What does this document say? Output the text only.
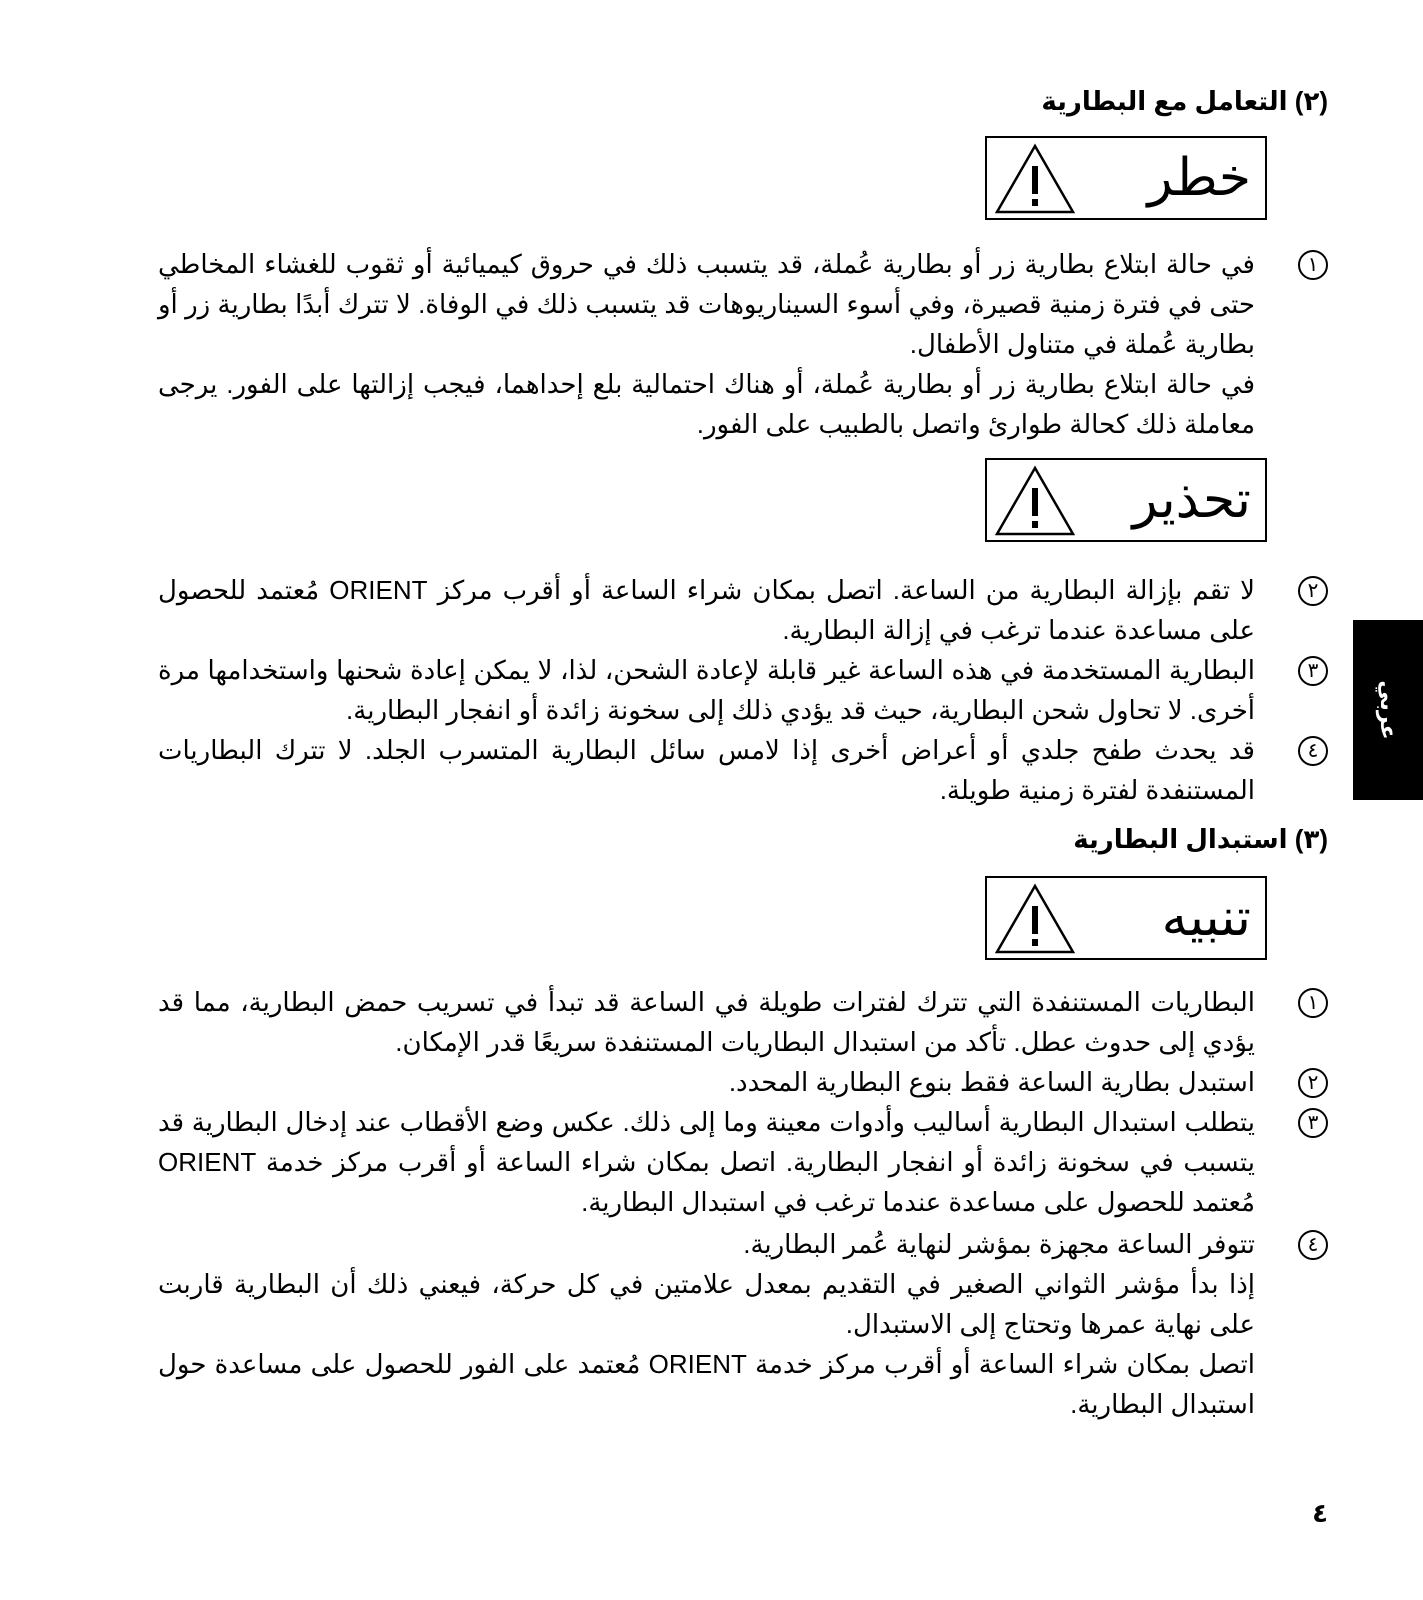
(٢) التعامل مع البطارية
خطر
١

في حالة ابتلاع بطارية زر أو بطارية عُملة، قد يتسبب ذلك في حروق كيميائية أو ثقوب للغشاء المخاطي حتى في فترة زمنية قصيرة، وفي أسوء السيناريوهات قد يتسبب ذلك في الوفاة. لا تترك أبدًا بطارية زر أو بطارية عُملة في متناول الأطفال.

في حالة ابتلاع بطارية زر أو بطارية عُملة، أو هناك احتمالية بلع إحداهما، فيجب إزالتها على الفور. يرجى معاملة ذلك كحالة طوارئ واتصل بالطبيب على الفور.

تحذير
٢
لا تقم بإزالة البطارية من الساعة. اتصل بمكان شراء الساعة أو أقرب مركز ORIENT مُعتمد للحصول على مساعدة عندما ترغب في إزالة البطارية.
٣
البطارية المستخدمة في هذه الساعة غير قابلة لإعادة الشحن، لذا، لا يمكن إعادة شحنها واستخدامها مرة أخرى. لا تحاول شحن البطارية، حيث قد يؤدي ذلك إلى سخونة زائدة أو انفجار البطارية.
٤
قد يحدث طفح جلدي أو أعراض أخرى إذا لامس سائل البطارية المتسرب الجلد. لا تترك البطاريات المستنفدة لفترة زمنية طويلة.
(٣) استبدال البطارية
تنبيه
١
البطاريات المستنفدة التي تترك لفترات طويلة في الساعة قد تبدأ في تسريب حمض البطارية، مما قد يؤدي إلى حدوث عطل. تأكد من استبدال البطاريات المستنفدة سريعًا قدر الإمكان.
٢
استبدل بطارية الساعة فقط بنوع البطارية المحدد.
٣
يتطلب استبدال البطارية أساليب وأدوات معينة وما إلى ذلك. عكس وضع الأقطاب عند إدخال البطارية قد يتسبب في سخونة زائدة أو انفجار البطارية. اتصل بمكان شراء الساعة أو أقرب مركز خدمة ORIENT مُعتمد للحصول على مساعدة عندما ترغب في استبدال البطارية.
٤

تتوفر الساعة مجهزة بمؤشر لنهاية عُمر البطارية.

إذا بدأ مؤشر الثواني الصغير في التقديم بمعدل علامتين في كل حركة، فيعني ذلك أن البطارية قاربت على نهاية عمرها وتحتاج إلى الاستبدال.

اتصل بمكان شراء الساعة أو أقرب مركز خدمة ORIENT مُعتمد على الفور للحصول على مساعدة حول استبدال البطارية.

عربي
٤
